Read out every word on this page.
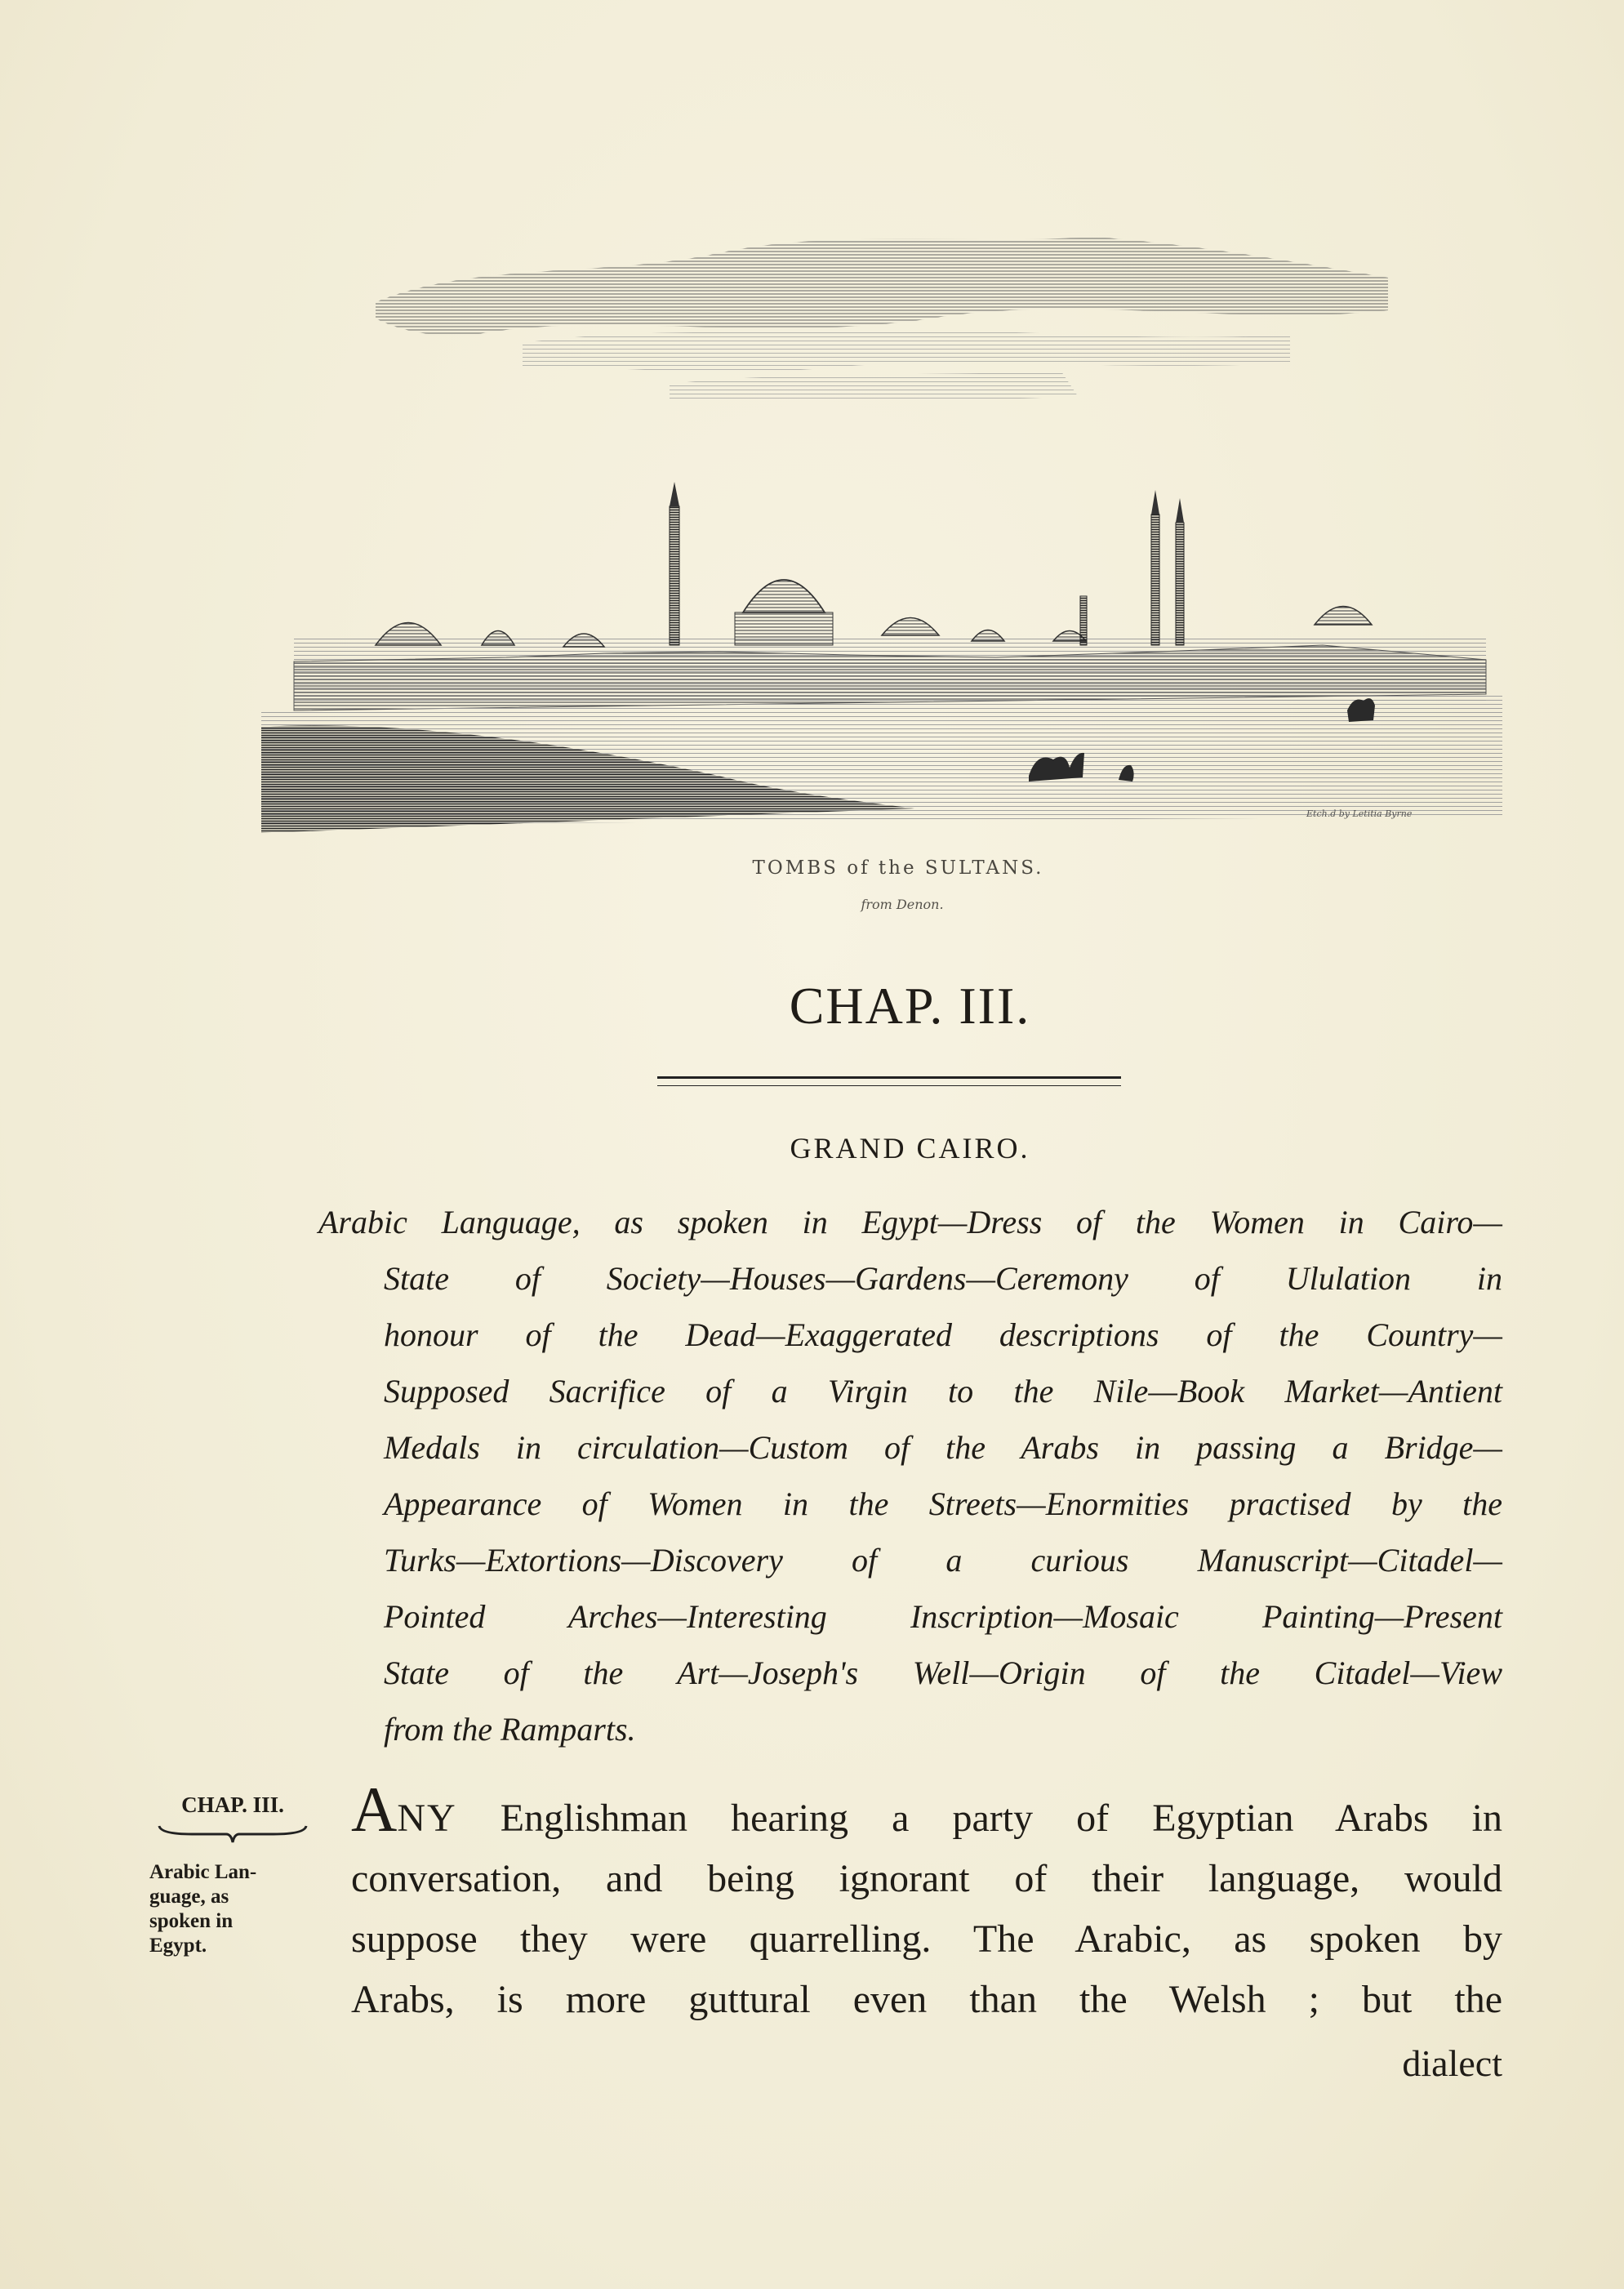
Etch.d by Letitia Byrne
TOMBS of the SULTANS.
from Denon.
CHAP. III.
GRAND CAIRO.
Arabic Language, as spoken in Egypt—Dress of the Women in Cairo—
State of Society—Houses—Gardens—Ceremony of Ululation in
honour of the Dead—Exaggerated descriptions of the Country—
Supposed Sacrifice of a Virgin to the Nile—Book Market—Antient
Medals in circulation—Custom of the Arabs in passing a Bridge—
Appearance of Women in the Streets—Enormities practised by the
Turks—Extortions—Discovery of a curious Manuscript—Citadel—
Pointed Arches—Interesting Inscription—Mosaic Painting—Present
State of the Art—Joseph's Well—Origin of the Citadel—View
from the Ramparts.
CHAP. III.
Arabic Lan-
guage, as
spoken in
Egypt.
ANY Englishman hearing a party of Egyptian Arabs in
conversation, and being ignorant of their language, would
suppose they were quarrelling. The Arabic, as spoken by
Arabs, is more guttural even than the Welsh ; but the
dialect
